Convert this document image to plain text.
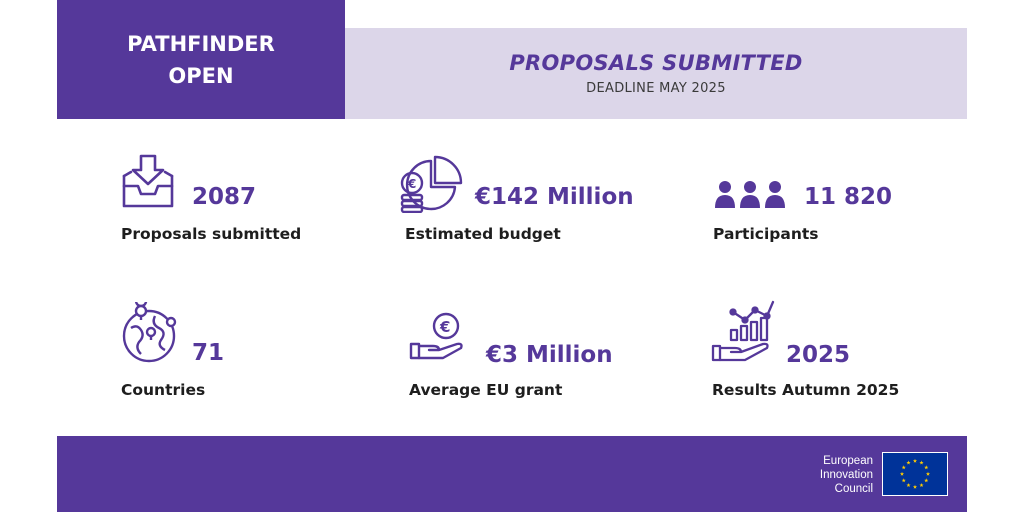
PATHFINDER
OPEN
PROPOSALS SUBMITTED
DEADLINE MAY 2025
2087
Proposals submitted
€	€142 Million
Estimated budget
11 820
Participants
71
Countries
€
€3 Million
Average EU grant
2025
Results Autumn 2025
European
Innovation
Council
